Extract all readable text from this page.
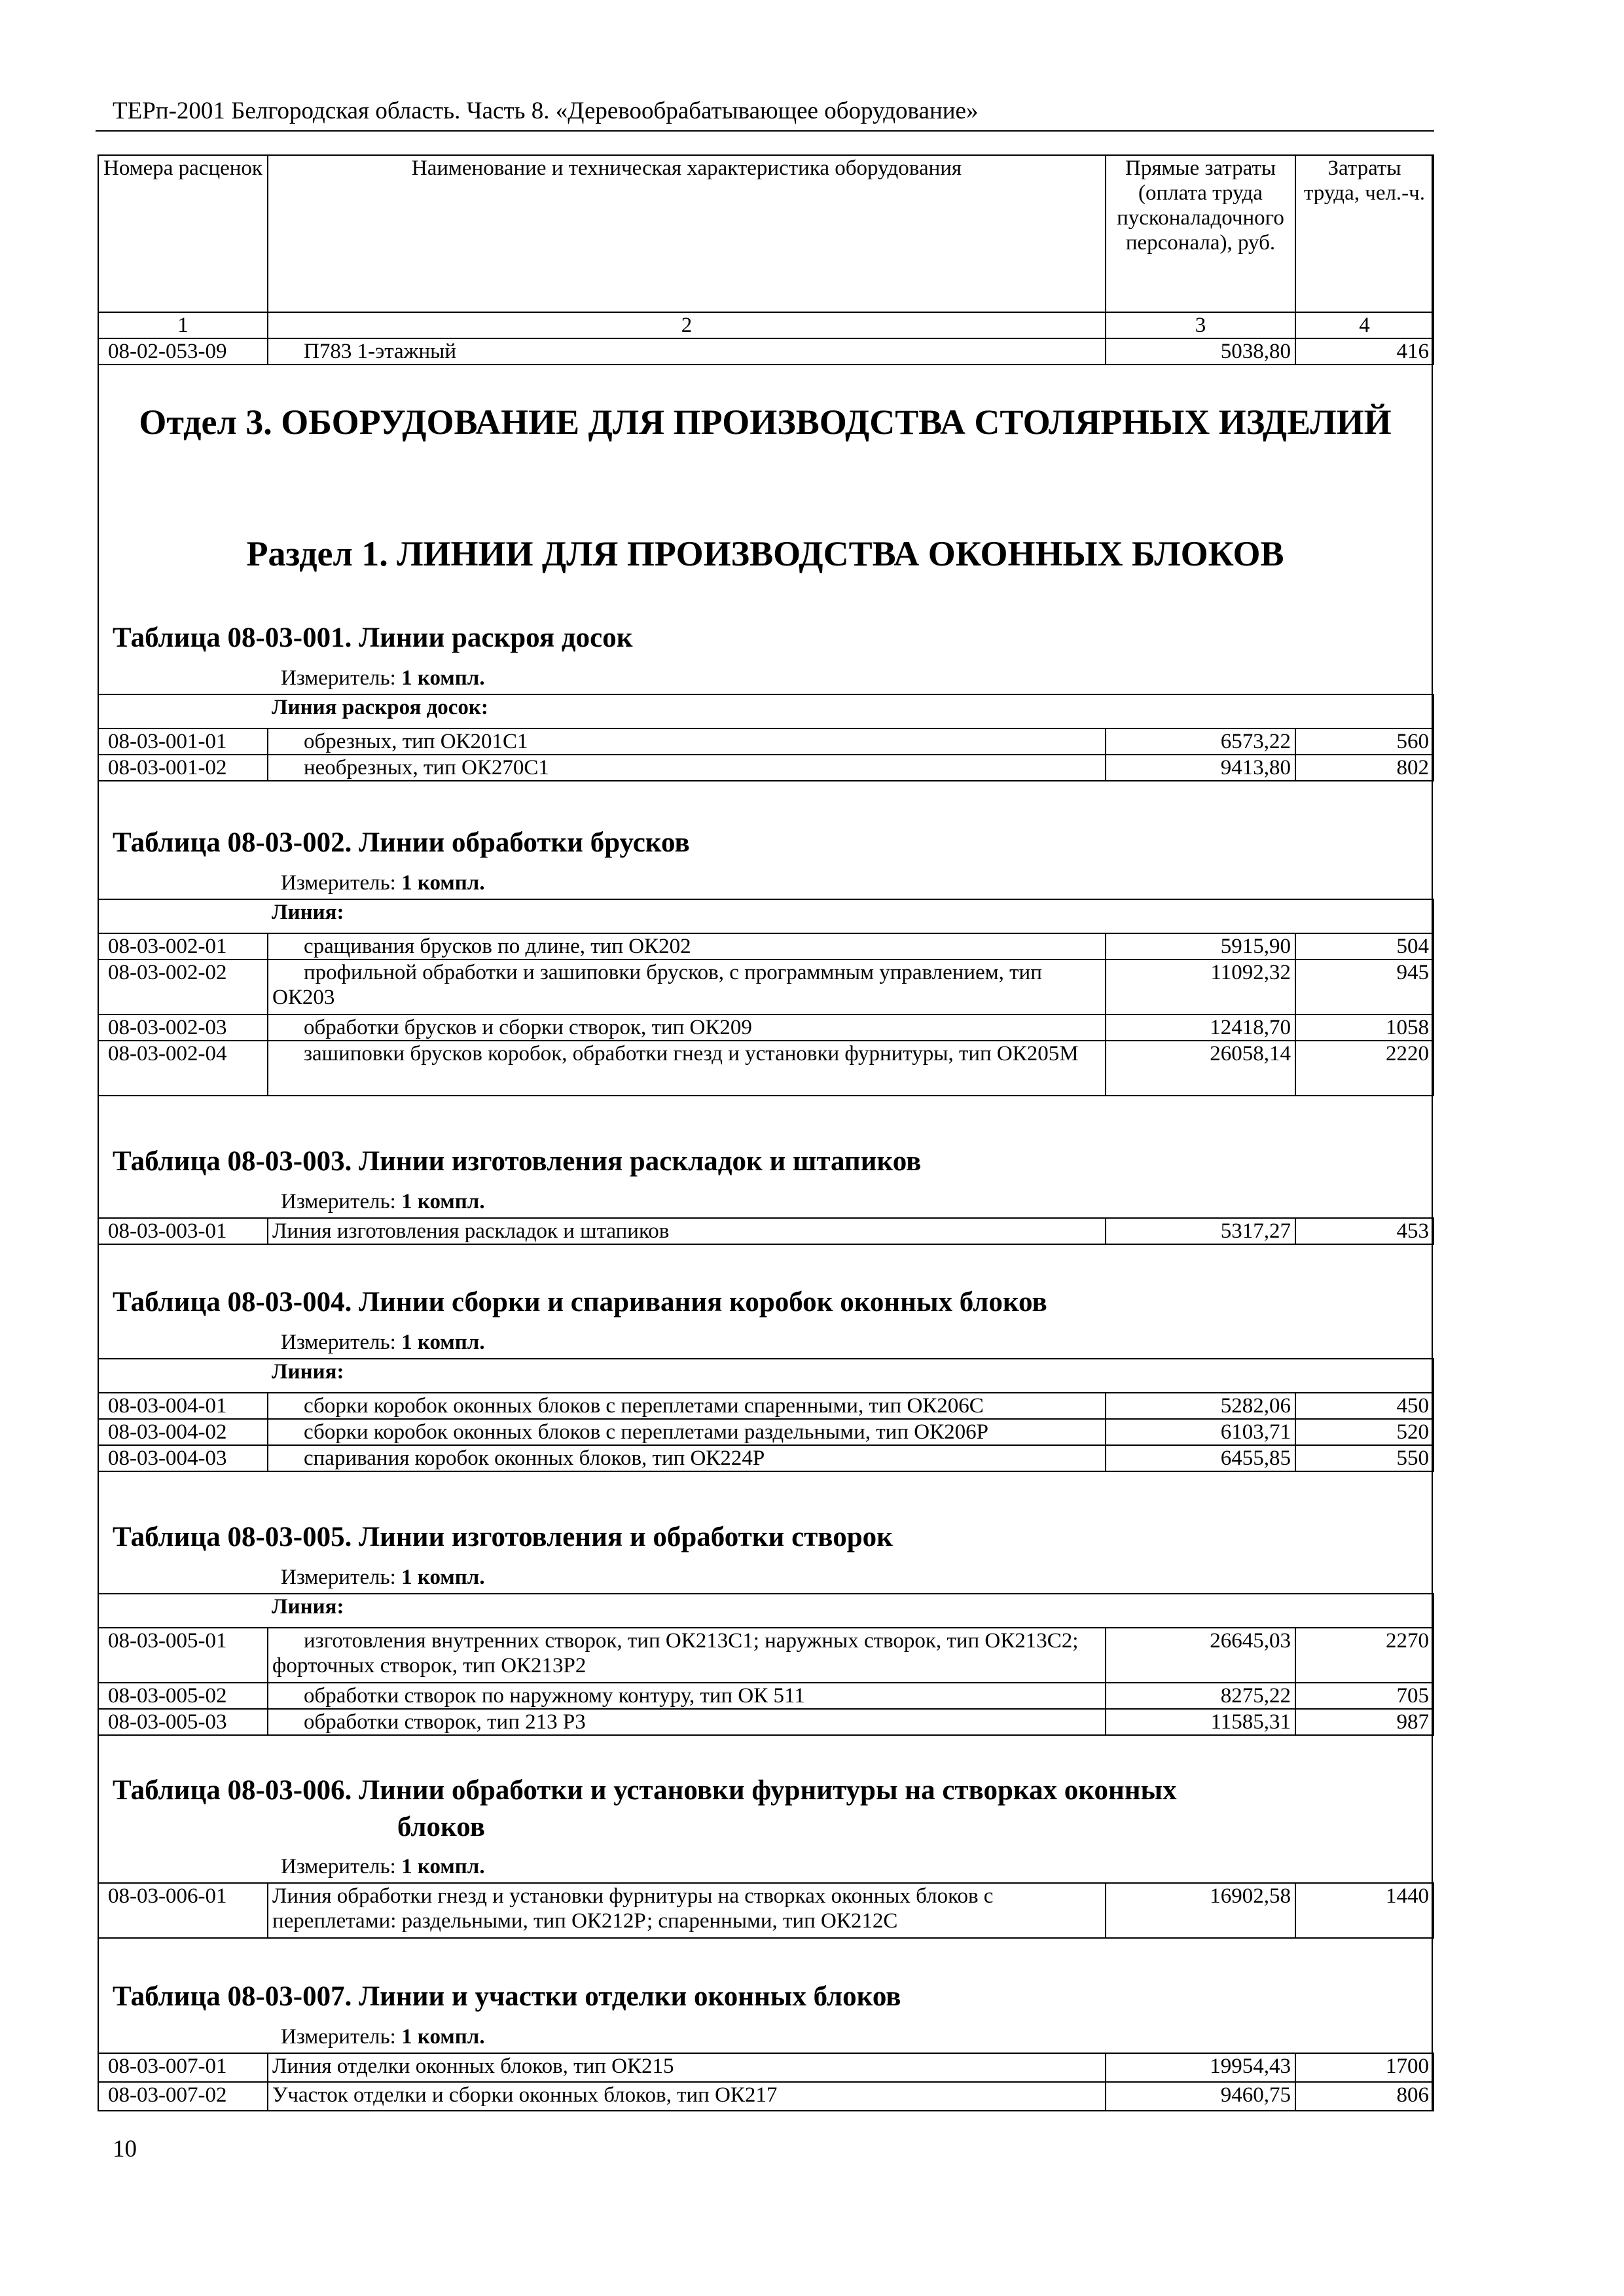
ТЕРп-2001 Белгородская область. Часть 8. «Деревообрабатывающее оборудование»
Номера расценок	Наименование и техническая характеристика оборудования	Прямые затраты (оплата труда пусконаладочного персонала), руб.	Затраты труда, чел.-ч.
1	2	3	4
08-02-053-09	П783 1-этажный	5038,80	416
Отдел 3. ОБОРУДОВАНИЕ ДЛЯ ПРОИЗВОДСТВА СТОЛЯРНЫХ ИЗДЕЛИЙ
Раздел 1. ЛИНИИ ДЛЯ ПРОИЗВОДСТВА ОКОННЫХ БЛОКОВ
Таблица 08-03-001. Линии раскроя досок
Измеритель: 1 компл.
	Линия раскроя досок:		
08-03-001-01	обрезных, тип ОК201С1	6573,22	560
08-03-001-02	необрезных, тип ОК270С1	9413,80	802
Таблица 08-03-002. Линии обработки брусков
Измеритель: 1 компл.
	Линия:		
08-03-002-01	сращивания брусков по длине, тип ОК202	5915,90	504
08-03-002-02	профильной обработки и зашиповки брусков, с программным управлением, тип ОК203	11092,32	945
08-03-002-03	обработки брусков и сборки створок, тип ОК209	12418,70	1058
08-03-002-04	зашиповки брусков коробок, обработки гнезд и установки фурнитуры, тип ОК205М	26058,14	2220
Таблица 08-03-003. Линии изготовления раскладок и штапиков
Измеритель: 1 компл.
08-03-003-01	Линия изготовления раскладок и штапиков	5317,27	453
Таблица 08-03-004. Линии сборки и спаривания коробок оконных блоков
Измеритель: 1 компл.
	Линия:		
08-03-004-01	сборки коробок оконных блоков с переплетами спаренными, тип ОК206С	5282,06	450
08-03-004-02	сборки коробок оконных блоков с переплетами раздельными, тип ОК206Р	6103,71	520
08-03-004-03	спаривания коробок оконных блоков, тип ОК224Р	6455,85	550
Таблица 08-03-005. Линии изготовления и обработки створок
Измеритель: 1 компл.
	Линия:		
08-03-005-01	изготовления внутренних створок, тип ОК213С1; наружных створок, тип ОК213С2; форточных створок, тип ОК213Р2	26645,03	2270
08-03-005-02	обработки створок по наружному контуру, тип ОК 511	8275,22	705
08-03-005-03	обработки створок, тип 213 Р3	11585,31	987
Таблица 08-03-006. Линии обработки и установки фурнитуры на створках оконных
блоков
Измеритель: 1 компл.
08-03-006-01	Линия обработки гнезд и установки фурнитуры на створках оконных блоков с переплетами: раздельными, тип ОК212Р; спаренными, тип ОК212С	16902,58	1440
Таблица 08-03-007. Линии и участки отделки оконных блоков
Измеритель: 1 компл.
08-03-007-01	Линия отделки оконных блоков, тип ОК215	19954,43	1700
08-03-007-02	Участок отделки и сборки оконных блоков, тип ОК217	9460,75	806
10
